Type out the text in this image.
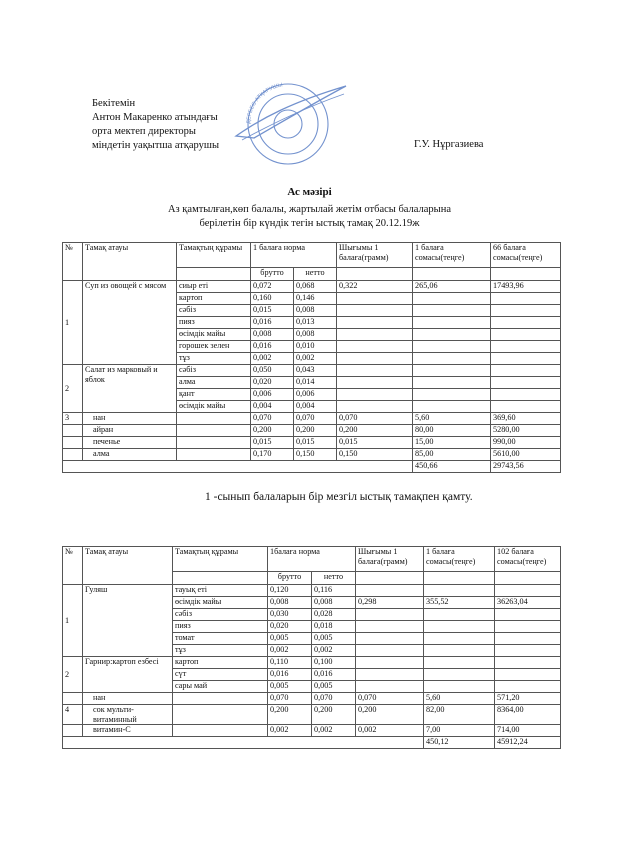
Бекітемін
Антон Макаренко атындағы
орта мектеп директоры
міндетін уақытша атқарушы
ДЕРБЕС АТҚАРУШЫ
Г.У. Нұргазиева
Ас мәзірі
Аз қамтылған,көп балалы, жартылай жетім отбасы балаларына
берілетін бір күндік тегін ыстық тамақ 20.12.19ж
№	Тамақ атауы	Тамақтың құрамы	1 балаға норма		Шығымы 1 балаға(грамм)	1 балаға сомасы(теңге)	66 балаға сомасы(теңге)
			брутто	нетто			
1	Суп из овощей с мясом	сиыр еті	0,072	0,068	0,322	265,06	17493,96
		картоп	0,160	0,146			
		сәбіз	0,015	0,008			
		пияз	0,016	0,013			
		өсімдік майы	0,008	0,008			
		горошек зелен	0,016	0,010			
		тұз	0,002	0,002			
2	Салат из марковый и яблок	сәбіз	0,050	0,043			
		алма	0,020	0,014			
		қант	0,006	0,006			
		өсімдік майы	0,004	0,004			
3	нан		0,070	0,070	0,070	5,60	369,60
	айран		0,200	0,200	0,200	80,00	5280,00
	печенье		0,015	0,015	0,015	15,00	990,00
	алма		0,170	0,150	0,150	85,00	5610,00
						450,66	29743,56
1 -сынып балаларын бір мезгіл ыстық тамақпен қамту.
№	Тамақ атауы	Тамақтың құрамы	1балаға норма		Шығымы 1 балаға(грамм)	1 балаға сомасы(теңге)	102 балаға сомасы(теңге)
			брутто	нетто			
1	Гуляш	тауық еті	0,120	0,116			
		өсімдік майы	0,008	0,008	0,298	355,52	36263,04
		сәбіз	0,030	0,028			
		пияз	0,020	0,018			
		томат	0,005	0,005			
		тұз	0,002	0,002			
2	Гарнир:картоп езбесі	картоп	0,110	0,100			
		сүт	0,016	0,016			
		сары май	0,005	0,005			
	нан		0,070	0,070	0,070	5,60	571,20
4	сок мульти-витаминный		0,200	0,200	0,200	82,00	8364,00
	витамин-С		0,002	0,002	0,002	7,00	714,00
						450,12	45912,24
